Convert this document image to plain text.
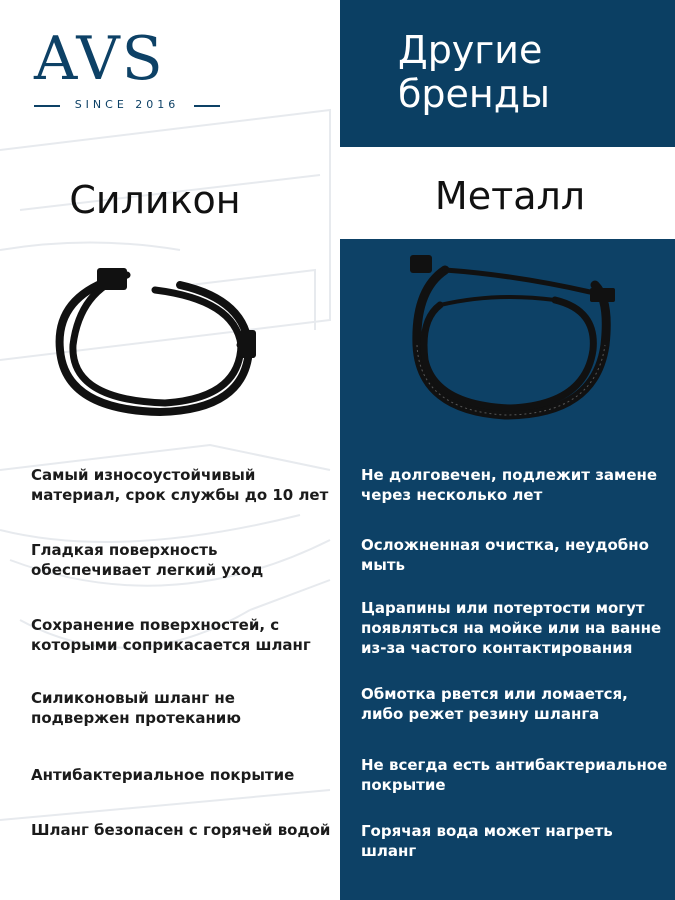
AVS
SINCE 2016
Другие
бренды
Силикон	Металл
Самый износоустойчивый материал, срок службы до 10 лет
Гладкая поверхность обеспечивает легкий уход
Сохранение поверхностей, с которыми соприкасается шланг
Силиконовый шланг не подвержен протеканию
Антибактериальное покрытие
Шланг безопасен с горячей водой
Не долговечен, подлежит замене через несколько лет
Осложненная очистка, неудобно мыть
Царапины или потертости могут появляться на мойке или на ванне из-за частого контактирования
Обмотка рвется или ломается, либо режет резину шланга
Не всегда есть антибактериальное покрытие
Горячая вода может нагреть шланг
